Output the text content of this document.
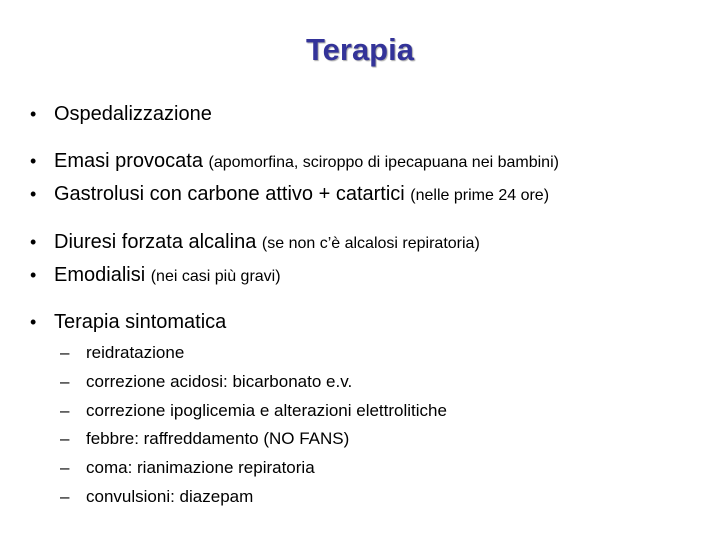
Terapia
• Ospedalizzazione
• Emasi provocata (apomorfina, sciroppo di ipecapuana nei bambini)
• Gastrolusi con carbone attivo + catartici (nelle prime 24 ore)
• Diuresi forzata alcalina (se non c’è alcalosi repiratoria)
• Emodialisi (nei casi più gravi)
• Terapia sintomatica
– reidratazione
– correzione acidosi: bicarbonato e.v.
– correzione ipoglicemia e alterazioni elettrolitiche
– febbre: raffreddamento (NO FANS)
– coma: rianimazione repiratoria
– convulsioni: diazepam
